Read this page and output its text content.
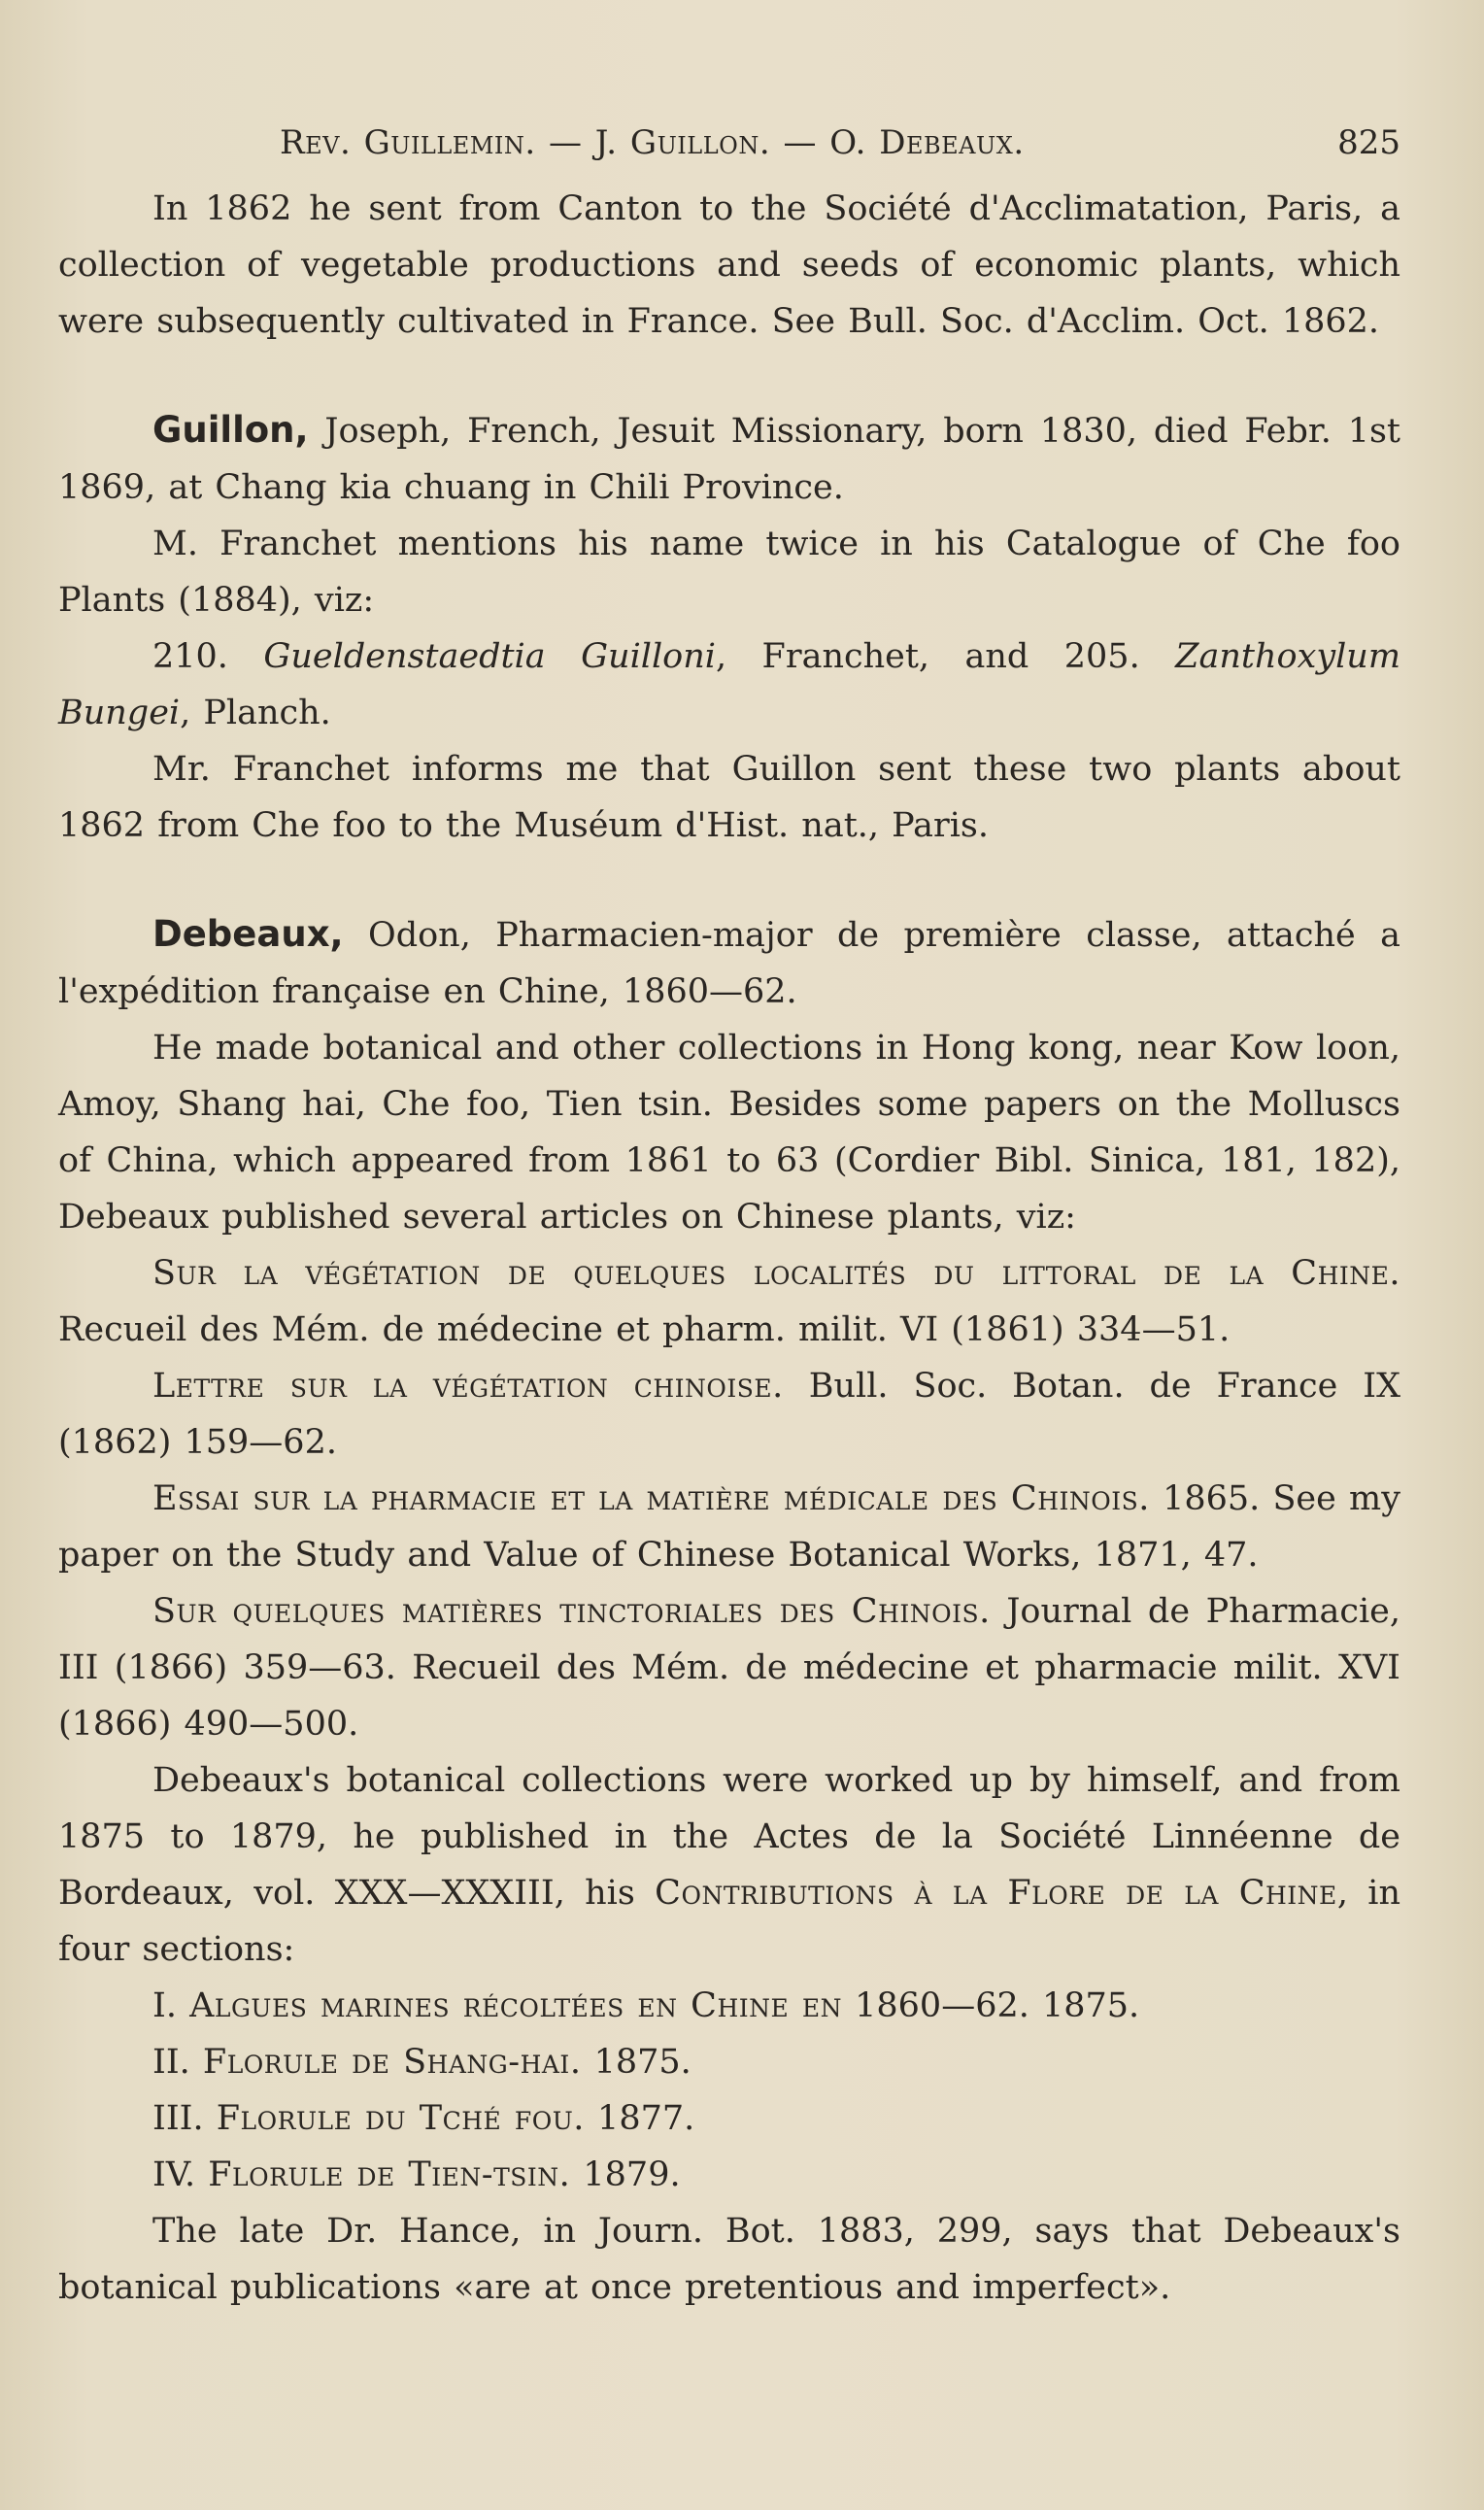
Rev. Guillemin. — J. Guillon. — O. Debeaux.	825

In 1862 he sent from Canton to the Société d'Acclimatation, Paris, a collection of vegetable productions and seeds of economic plants, which were subsequently cultivated in France. See Bull. Soc. d'Acclim. Oct. 1862.

Guillon, Joseph, French, Jesuit Missionary, born 1830, died Febr. 1st 1869, at Chang kia chuang in Chili Province.

M. Franchet mentions his name twice in his Catalogue of Che foo Plants (1884), viz:

210. Gueldenstaedtia Guilloni, Franchet, and 205. Zanthoxylum Bungei, Planch.

Mr. Franchet informs me that Guillon sent these two plants about 1862 from Che foo to the Muséum d'Hist. nat., Paris.

Debeaux, Odon, Pharmacien-major de première classe, attaché a l'expédition française en Chine, 1860—62.

He made botanical and other collections in Hong kong, near Kow loon, Amoy, Shang hai, Che foo, Tien tsin. Besides some papers on the Molluscs of China, which appeared from 1861 to 63 (Cordier Bibl. Sinica, 181, 182), Debeaux published several articles on Chinese plants, viz:

Sur la végétation de quelques localités du littoral de la Chine. Recueil des Mém. de médecine et pharm. milit. VI (1861) 334—51.

Lettre sur la végétation chinoise. Bull. Soc. Botan. de France IX (1862) 159—62.

Essai sur la pharmacie et la matière médicale des Chinois. 1865. See my paper on the Study and Value of Chinese Botanical Works, 1871, 47.

Sur quelques matières tinctoriales des Chinois. Journal de Pharmacie, III (1866) 359—63. Recueil des Mém. de médecine et pharmacie milit. XVI (1866) 490—500.

Debeaux's botanical collections were worked up by himself, and from 1875 to 1879, he published in the Actes de la Société Linnéenne de Bordeaux, vol. XXX—XXXIII, his Contributions à la Flore de la Chine, in four sections:

I. Algues marines récoltées en Chine en 1860—62. 1875.

II. Florule de Shang-hai. 1875.

III. Florule du Tché fou. 1877.

IV. Florule de Tien-tsin. 1879.

The late Dr. Hance, in Journ. Bot. 1883, 299, says that Debeaux's botanical publications «are at once pretentious and imperfect».
